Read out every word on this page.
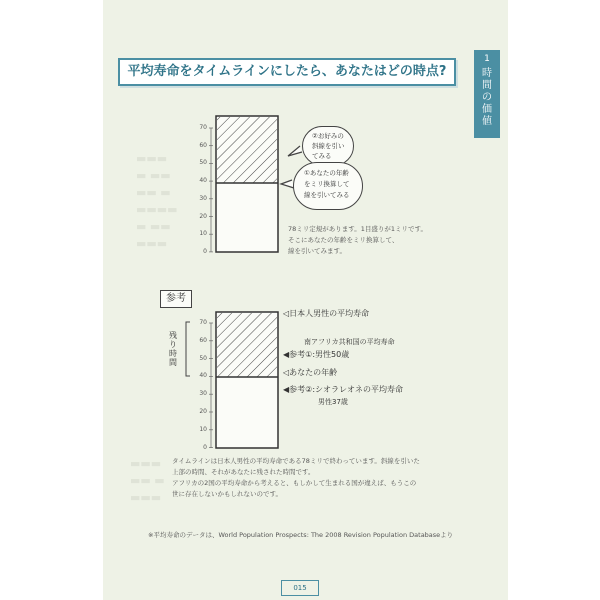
▬▬▬
▬ ▬▬
▬▬ ▬
▬▬▬▬
▬ ▬▬
▬▬▬

▬▬▬
▬▬ ▬
▬▬▬
1
時間の価値
平均寿命をタイムラインにしたら、あなたはどの時点?
70
60
50
40
30
20
10
0
②お好みの斜線を引いてみる
①あなたの年齢をミリ換算して線を引いてみる
78ミリ定規があります。1目盛りが1ミリです。
そこにあなたの年齢をミリ換算して、
線を引いてみます。
参考
残り時間
70
60
50
40
30
20
10
0
◁日本人男性の平均寿命
南アフリカ共和国の平均寿命
◀参考①:男性50歳
◁あなたの年齢
◀参考②:シオラレオネの平均寿命
男性37歳
タイムラインは日本人男性の平均寿命である78ミリで終わっています。斜線を引いた
上部の時間、それがあなたに残された時間です。
アフリカの2国の平均寿命から考えると、もしかして生まれる国が違えば、もうこの
世に存在しないかもしれないのです。
※平均寿命のデータは、World Population Prospects: The 2008 Revision Population Databaseより
015
